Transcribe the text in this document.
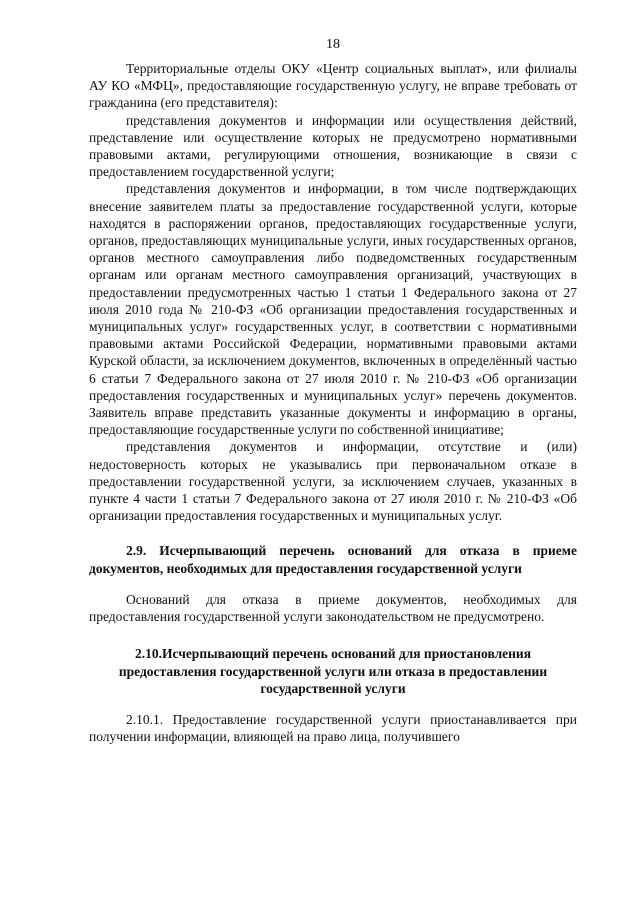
18

Территориальные отделы ОКУ «Центр социальных выплат», или филиалы АУ КО «МФЦ», предоставляющие государственную услугу, не вправе требовать от гражданина (его представителя):

представления документов и информации или осуществления действий, представление или осуществление которых не предусмотрено нормативными правовыми актами, регулирующими отношения, возникающие в связи с предоставлением государственной услуги;

представления документов и информации, в том числе подтверждающих внесение заявителем платы за предоставление государственной услуги, которые находятся в распоряжении органов, предоставляющих государственные услуги, органов, предоставляющих муниципальные услуги, иных государственных органов, органов местного самоуправления либо подведомственных государственным органам или органам местного самоуправления организаций, участвующих в предоставлении предусмотренных частью 1 статьи 1 Федерального закона от 27 июля 2010 года № 210-ФЗ «Об организации предоставления государственных и муниципальных услуг» государственных услуг, в соответствии с нормативными правовыми актами Российской Федерации, нормативными правовыми актами Курской области, за исключением документов, включенных в определённый частью 6 статьи 7 Федерального закона от 27 июля 2010 г. № 210-ФЗ «Об организации предоставления государственных и муниципальных услуг» перечень документов. Заявитель вправе представить указанные документы и информацию в органы, предоставляющие государственные услуги по собственной инициативе;

представления документов и информации, отсутствие и (или) недостоверность которых не указывались при первоначальном отказе в предоставлении государственной услуги, за исключением случаев, указанных в пункте 4 части 1 статьи 7 Федерального закона от 27 июля 2010 г. № 210-ФЗ «Об организации предоставления государственных и муниципальных услуг.

2.9. Исчерпывающий перечень оснований для отказа в приеме документов, необходимых для предоставления государственной услуги

Оснований для отказа в приеме документов, необходимых для предоставления государственной услуги законодательством не предусмотрено.

2.10.Исчерпывающий перечень оснований для приостановления
предоставления государственной услуги или отказа в предоставлении
государственной услуги

2.10.1. Предоставление государственной услуги приостанавливается при получении информации, влияющей на право лица, получившего
